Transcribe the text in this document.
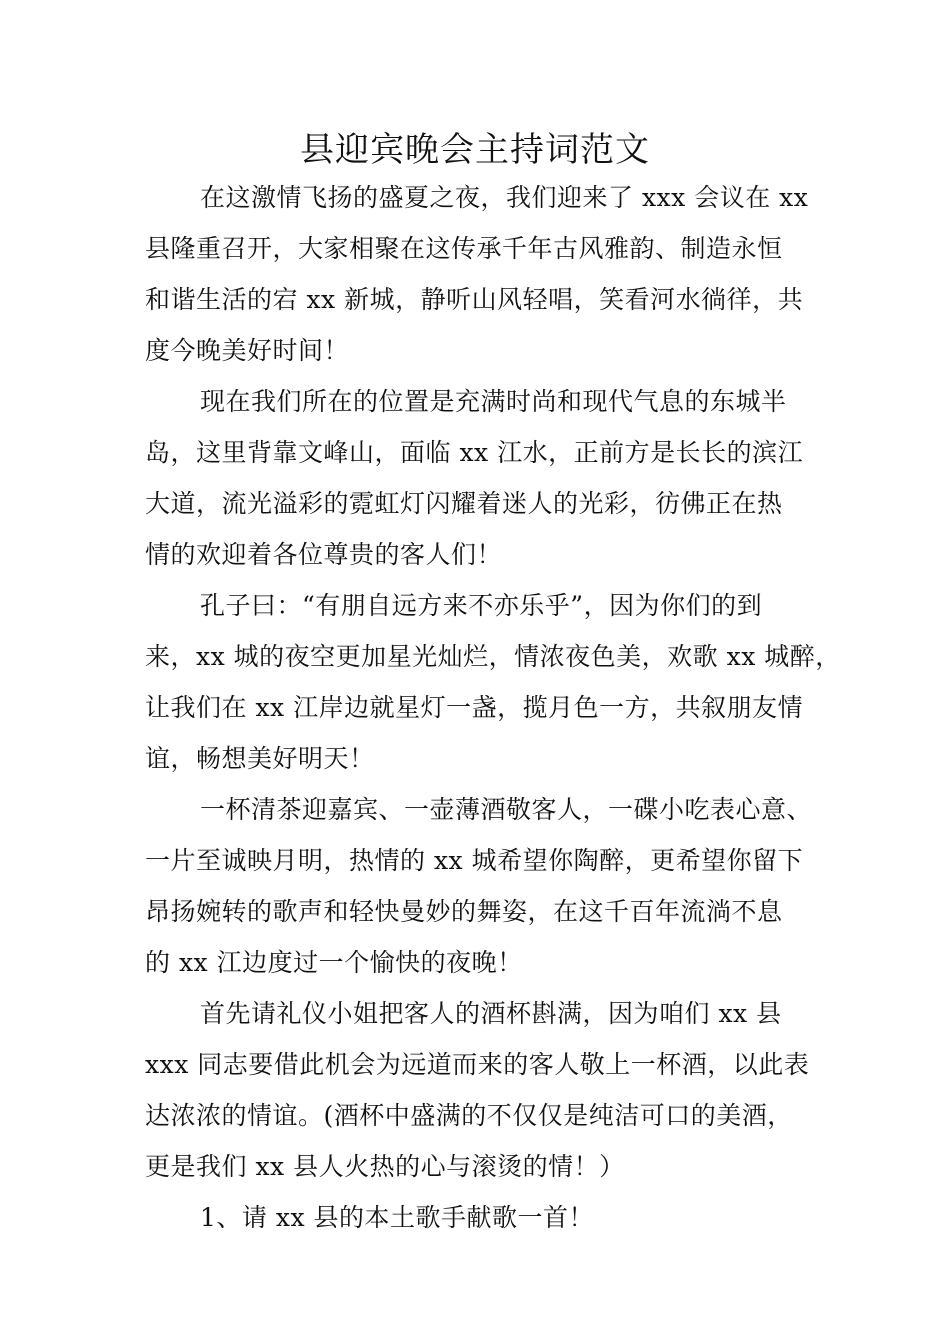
县迎宾晚会主持词范文
在这激情飞扬的盛夏之夜，我们迎来了 xxx 会议在 xx
县隆重召开，大家相聚在这传承千年古风雅韵、制造永恒
和谐生活的宕 xx 新城，静听山风轻唱，笑看河水徜徉，共
度今晚美好时间！
现在我们所在的位置是充满时尚和现代气息的东城半
岛，这里背靠文峰山，面临 xx 江水，正前方是长长的滨江
大道，流光溢彩的霓虹灯闪耀着迷人的光彩，彷佛正在热
情的欢迎着各位尊贵的客人们！
孔子曰：“有朋自远方来不亦乐乎”，因为你们的到
来，xx 城的夜空更加星光灿烂，情浓夜色美，欢歌 xx 城醉，
让我们在 xx 江岸边就星灯一盏，揽月色一方，共叙朋友情
谊，畅想美好明天！
一杯清茶迎嘉宾、一壶薄酒敬客人，一碟小吃表心意、
一片至诚映月明，热情的 xx 城希望你陶醉，更希望你留下
昂扬婉转的歌声和轻快曼妙的舞姿，在这千百年流淌不息
的 xx 江边度过一个愉快的夜晚！
首先请礼仪小姐把客人的酒杯斟满，因为咱们 xx 县
xxx 同志要借此机会为远道而来的客人敬上一杯酒，以此表
达浓浓的情谊。(酒杯中盛满的不仅仅是纯洁可口的美酒，
更是我们 xx 县人火热的心与滚烫的情！）
1、请 xx 县的本土歌手献歌一首！
